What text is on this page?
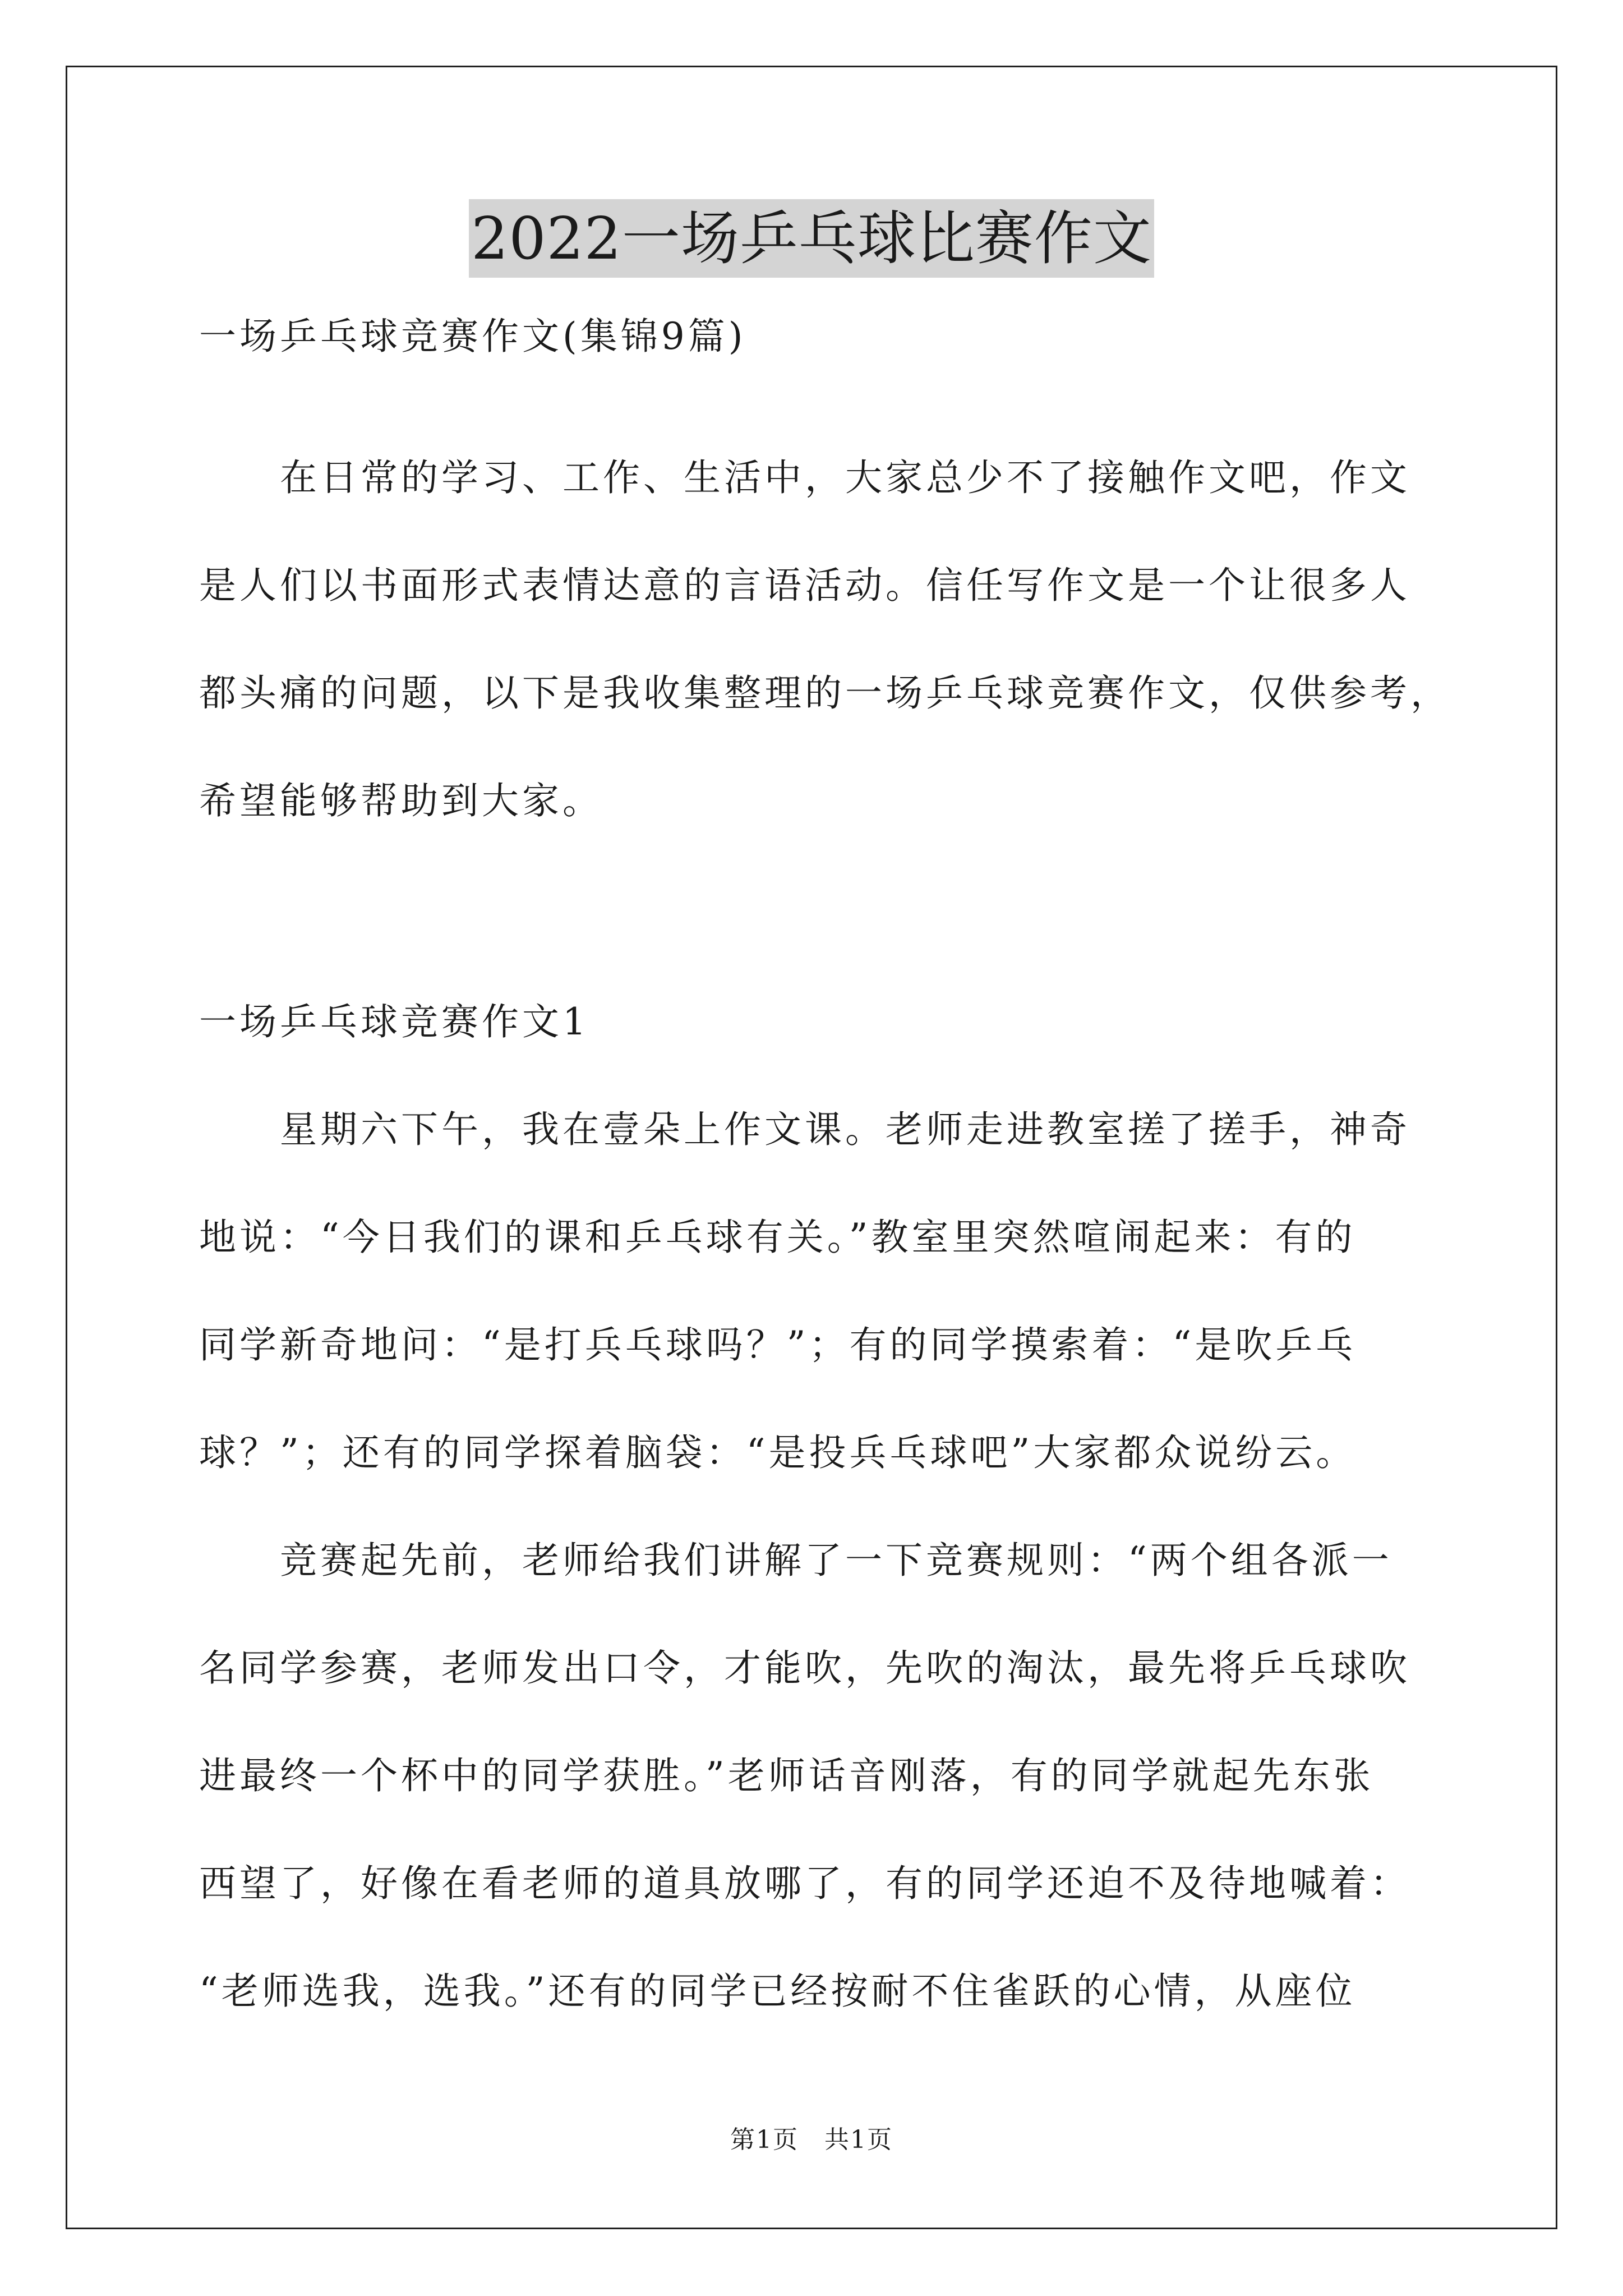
2022一场乒乓球比赛作文
一场乒乓球竞赛作文(集锦9篇)
　　在日常的学习、工作、生活中，大家总少不了接触作文吧，作文
是人们以书面形式表情达意的言语活动。信任写作文是一个让很多人
都头痛的问题，以下是我收集整理的一场乒乓球竞赛作文，仅供参考，
希望能够帮助到大家。
一场乒乓球竞赛作文1
　　星期六下午，我在壹朵上作文课。老师走进教室搓了搓手，神奇
地说：“今日我们的课和乒乓球有关。”教室里突然喧闹起来：有的
同学新奇地问：“是打兵乓球吗？”；有的同学摸索着：“是吹乒乓
球？”；还有的同学探着脑袋：“是投兵乓球吧”大家都众说纷云。
　　竞赛起先前，老师给我们讲解了一下竞赛规则：“两个组各派一
名同学参赛，老师发出口令，才能吹，先吹的淘汰，最先将乒乓球吹
进最终一个杯中的同学获胜。”老师话音刚落，有的同学就起先东张
西望了，好像在看老师的道具放哪了，有的同学还迫不及待地喊着：
“老师选我，选我。”还有的同学已经按耐不住雀跃的心情，从座位
第1页　共1页
